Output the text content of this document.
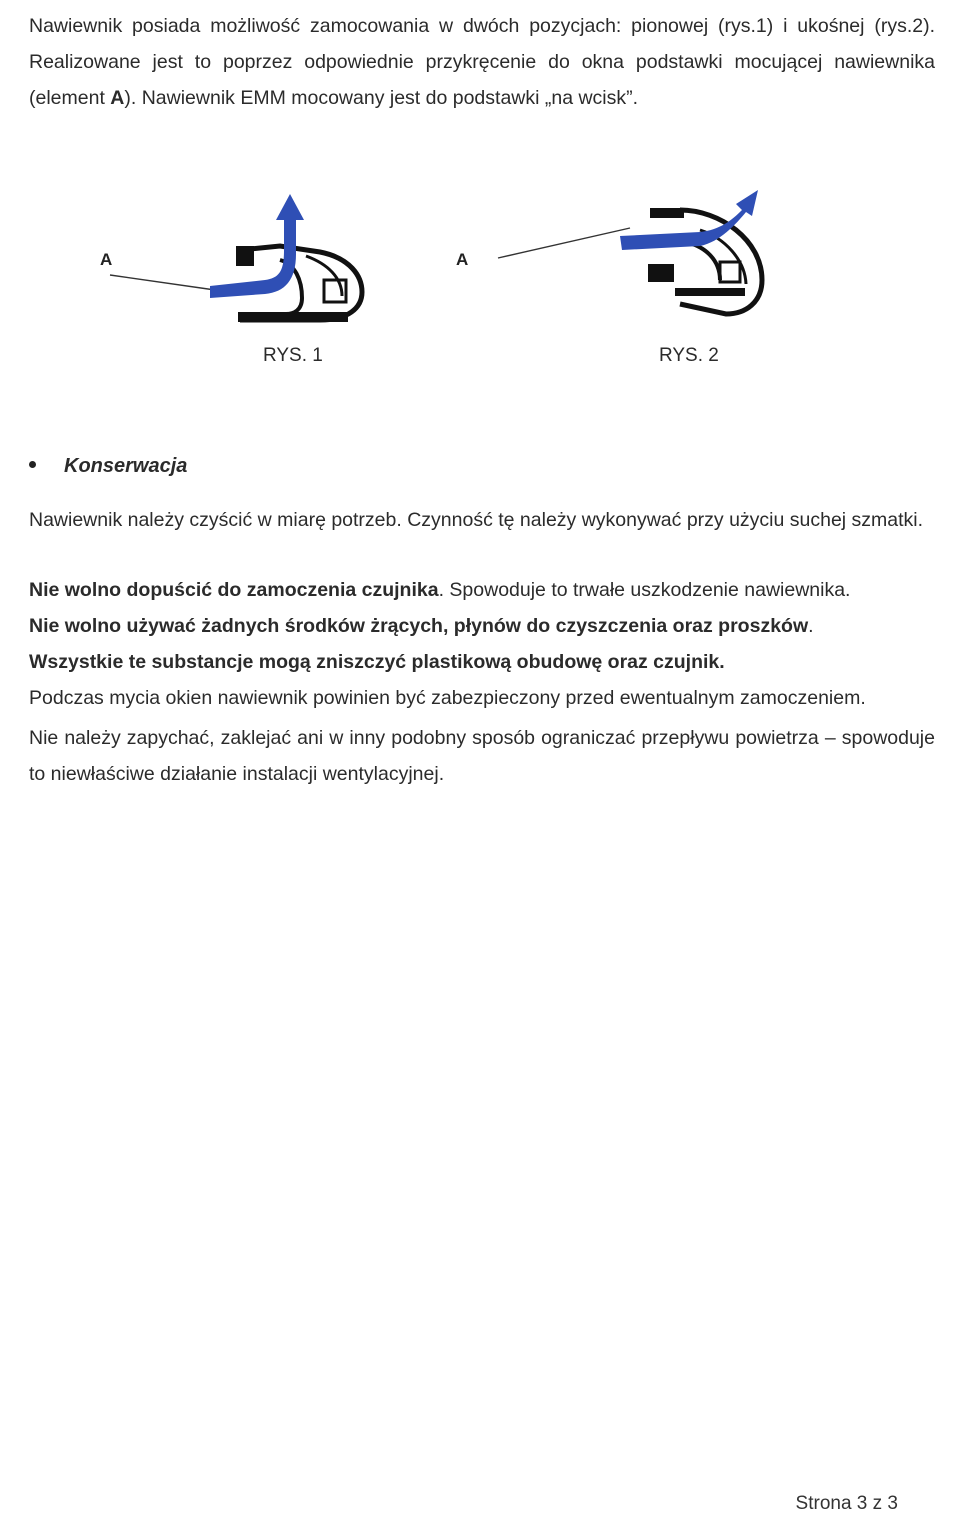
Nawiewnik posiada możliwość zamocowania w dwóch pozycjach: pionowej (rys.1) i ukośnej (rys.2). Realizowane jest to poprzez odpowiednie przykręcenie do okna podstawki mocującej nawiewnika (element A). Nawiewnik EMM mocowany jest do podstawki „na wcisk”.
A
RYS. 1
A
RYS. 2
Konserwacja
Nawiewnik należy czyścić w miarę potrzeb. Czynność tę należy wykonywać przy użyciu suchej szmatki.
Nie wolno dopuścić do zamoczenia czujnika. Spowoduje to trwałe uszkodzenie nawiewnika.
Nie wolno używać żadnych środków żrących, płynów do czyszczenia oraz proszków.
Wszystkie te substancje mogą zniszczyć plastikową obudowę oraz czujnik.
Podczas mycia okien nawiewnik powinien być zabezpieczony przed ewentualnym zamoczeniem.
Nie należy zapychać, zaklejać ani w inny podobny sposób ograniczać przepływu powietrza – spowoduje to niewłaściwe działanie instalacji wentylacyjnej.
Strona 3 z 3
